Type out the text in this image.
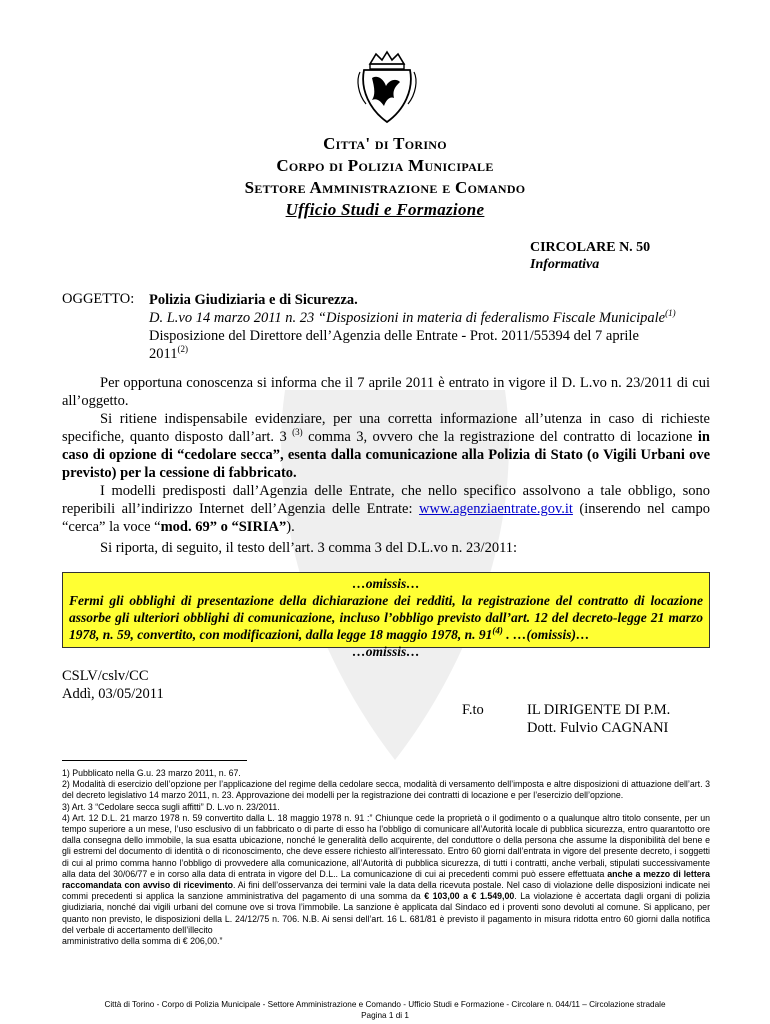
Citta' di Torino
Corpo di Polizia Municipale
Settore Amministrazione e Comando
Ufficio Studi e Formazione
CIRCOLARE N. 50
Informativa
OGGETTO: Polizia Giudiziaria e di Sicurezza.
D. L.vo 14 marzo 2011 n. 23 “Disposizioni in materia di federalismo Fiscale Municipale$^{(1)}$
Disposizione del Direttore dell’Agenzia delle Entrate - Prot. 2011/55394 del 7 aprile
2011$^{(2)}$
Per opportuna conoscenza si informa che il 7 aprile 2011 è entrato in vigore il D. L.vo n. 23/2011 di cui all’oggetto.
Si ritiene indispensabile evidenziare, per una corretta informazione all’utenza in caso di richieste specifiche, quanto disposto dall’art. 3 $^{(3)}$ comma 3, ovvero che la registrazione del contratto di locazione in caso di opzione di “cedolare secca”, esenta dalla comunicazione alla Polizia di Stato (o Vigili Urbani ove previsto) per la cessione di fabbricato.
I modelli predisposti dall’Agenzia delle Entrate, che nello specifico assolvono a tale obbligo, sono reperibili all’indirizzo Internet dell’Agenzia delle Entrate: www.agenziaentrate.gov.it (inserendo nel campo “cerca” la voce “mod. 69” o “SIRIA”).
Si riporta, di seguito, il testo dell’art. 3 comma 3 del D.L.vo n. 23/2011:
…omissis…
Fermi gli obblighi di presentazione della dichiarazione dei redditi, la registrazione del contratto di locazione assorbe gli ulteriori obblighi di comunicazione, incluso l’obbligo previsto dall’art. 12 del decreto-legge 21 marzo 1978, n. 59, convertito, con modificazioni, dalla legge 18 maggio 1978, n. 91$^{(4)}$ . …(omissis)…
…omissis…
CSLV/cslv/CC
Addì, 03/05/2011
F.to	IL DIRIGENTE DI P.M.
Dott. Fulvio CAGNANI

1) Pubblicato nella G.u. 23 marzo 2011, n. 67.

2) Modalità di esercizio dell’opzione per l’applicazione del regime della cedolare secca, modalità di versamento dell’imposta e altre disposizioni di attuazione dell’art. 3 del decreto legislativo 14 marzo 2011, n. 23. Approvazione dei modelli per la registrazione dei contratti di locazione e per l’esercizio dell’opzione.

3) Art. 3 “Cedolare secca sugli affitti” D. L.vo n. 23/2011.

4) Art. 12 D.L. 21 marzo 1978 n. 59 convertito dalla L. 18 maggio 1978 n. 91 :” Chiunque cede la proprietà o il godimento o a qualunque altro titolo consente, per un tempo superiore a un mese, l’uso esclusivo di un fabbricato o di parte di esso ha l’obbligo di comunicare all’Autorità locale di pubblica sicurezza, entro quarantotto ore dalla consegna dello immobile, la sua esatta ubicazione, nonché le generalità dello acquirente, del conduttore o della persona che assume la disponibilità del bene e gli estremi del documento di identità o di riconoscimento, che deve essere richiesto all’interessato. Entro 60 giorni dall’entrata in vigore del presente decreto, i soggetti di cui al primo comma hanno l’obbligo di provvedere alla comunicazione, all’Autorità di pubblica sicurezza, di tutti i contratti, anche verbali, stipulati successivamente alla data del 30/06/77 e in corso alla data di entrata in vigore del D.L.. La comunicazione di cui ai precedenti commi può essere effettuata anche a mezzo di lettera raccomandata con avviso di ricevimento. Ai fini dell’osservanza dei termini vale la data della ricevuta postale. Nel caso di violazione delle disposizioni indicate nei commi precedenti si applica la sanzione amministrativa del pagamento di una somma da € 103,00 a € 1.549,00. La violazione è accertata dagli organi di polizia giudiziaria, nonché dai vigili urbani del comune ove si trova l’immobile. La sanzione è applicata dal Sindaco ed i proventi sono devoluti al comune. Si applicano, per quanto non previsto, le disposizioni della L. 24/12/75 n. 706. N.B. Ai sensi dell’art. 16 L. 681/81 è previsto il pagamento in misura ridotta entro 60 giorni dalla notifica del verbale di accertamento dell’illecito

amministrativo della somma di € 206,00.”

Città di Torino - Corpo di Polizia Municipale - Settore Amministrazione e Comando - Ufficio Studi e Formazione - Circolare n. 044/11 – Circolazione stradale
Pagina 1 di 1
